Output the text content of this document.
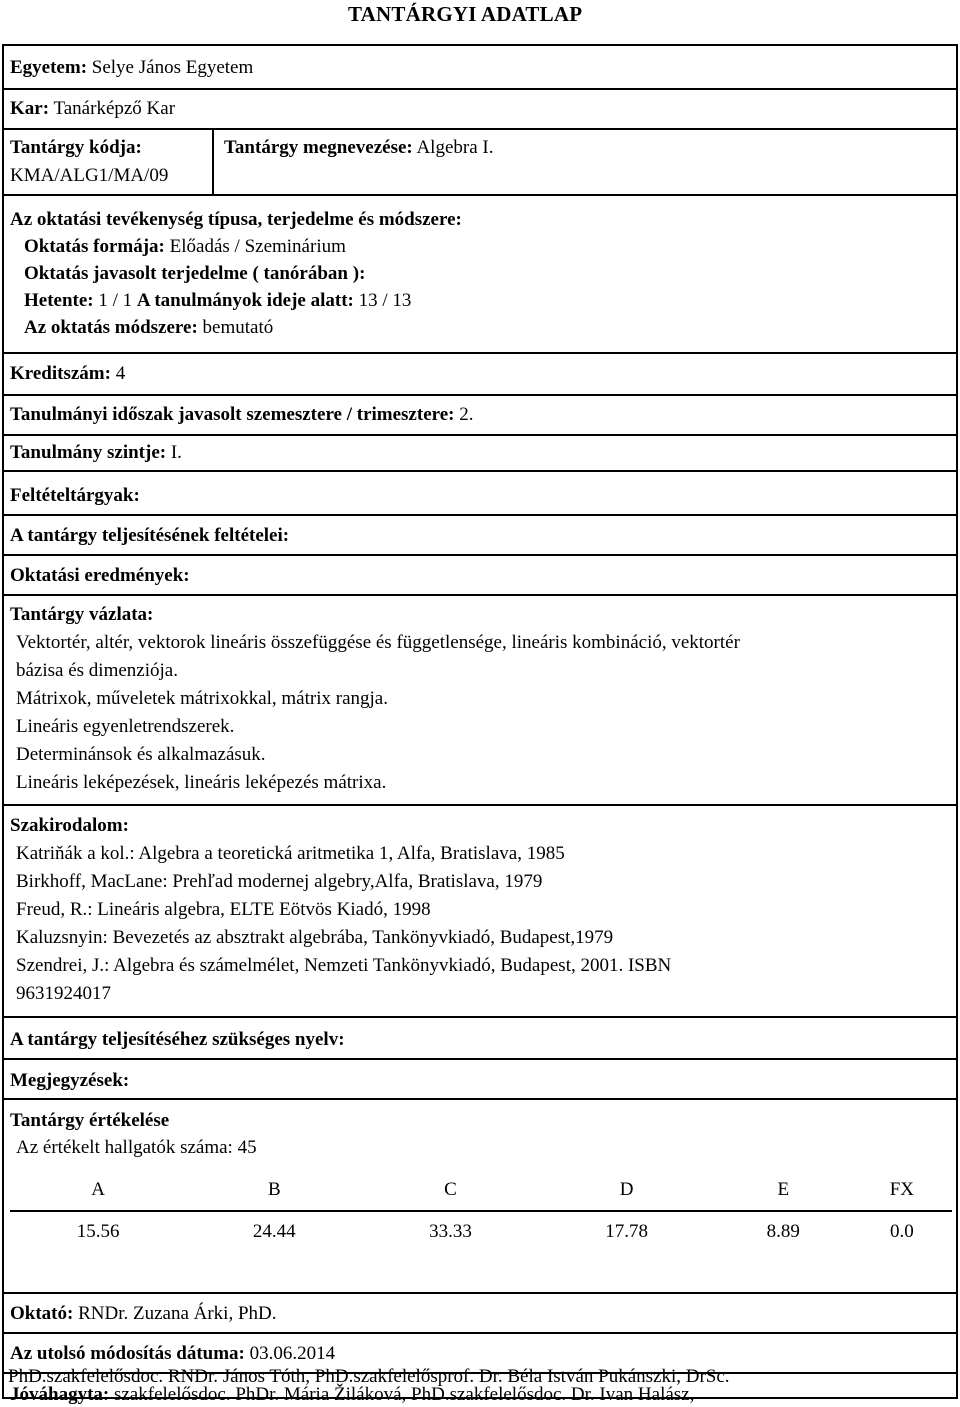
TANTÁRGYI ADATLAP
Egyetem: Selye János Egyetem
Kar: Tanárképző Kar
Tantárgy kódja:
KMA/ALG1/MA/09
Tantárgy megnevezése: Algebra I.
Az oktatási tevékenység típusa, terjedelme és módszere:
Oktatás formája: Előadás / Szeminárium
Oktatás javasolt terjedelme ( tanórában ):
Hetente: 1 / 1 A tanulmányok ideje alatt: 13 / 13
Az oktatás módszere: bemutató
Kreditszám: 4
Tanulmányi időszak javasolt szemesztere / trimesztere: 2.
Tanulmány szintje: I.
Feltételtárgyak:
A tantárgy teljesítésének feltételei:
Oktatási eredmények:
Tantárgy vázlata:
Vektortér, altér, vektorok lineáris összefüggése és függetlensége, lineáris kombináció, vektortér
bázisa és dimenziója.
Mátrixok, műveletek mátrixokkal, mátrix rangja.
Lineáris egyenletrendszerek.
Determinánsok és alkalmazásuk.
Lineáris leképezések, lineáris leképezés mátrixa.
Szakirodalom:
Katriňák a kol.: Algebra a teoretická aritmetika 1, Alfa, Bratislava, 1985
Birkhoff, MacLane: Prehľad modernej algebry,Alfa, Bratislava, 1979
Freud, R.: Lineáris algebra, ELTE Eötvös Kiadó, 1998
Kaluzsnyin: Bevezetés az absztrakt algebrába, Tankönyvkiadó, Budapest,1979
Szendrei, J.: Algebra és számelmélet, Nemzeti Tankönyvkiadó, Budapest, 2001. ISBN
9631924017
A tantárgy teljesítéséhez szükséges nyelv:
Megjegyzések:
Tantárgy értékelése
Az értékelt hallgatók száma: 45
A	B	C	D	E	FX
15.56	24.44	33.33	17.78	8.89	0.0
Oktató: RNDr. Zuzana Árki, PhD.
Az utolsó módosítás dátuma: 03.06.2014
Jóváhagyta: szakfelelősdoc. PhDr. Mária Žiláková, PhD.szakfelelősdoc. Dr. Ivan Halász,
PhD.szakfelelősdoc. RNDr. János Tóth, PhD.szakfelelősprof. Dr. Béla István Pukánszki, DrSc.
